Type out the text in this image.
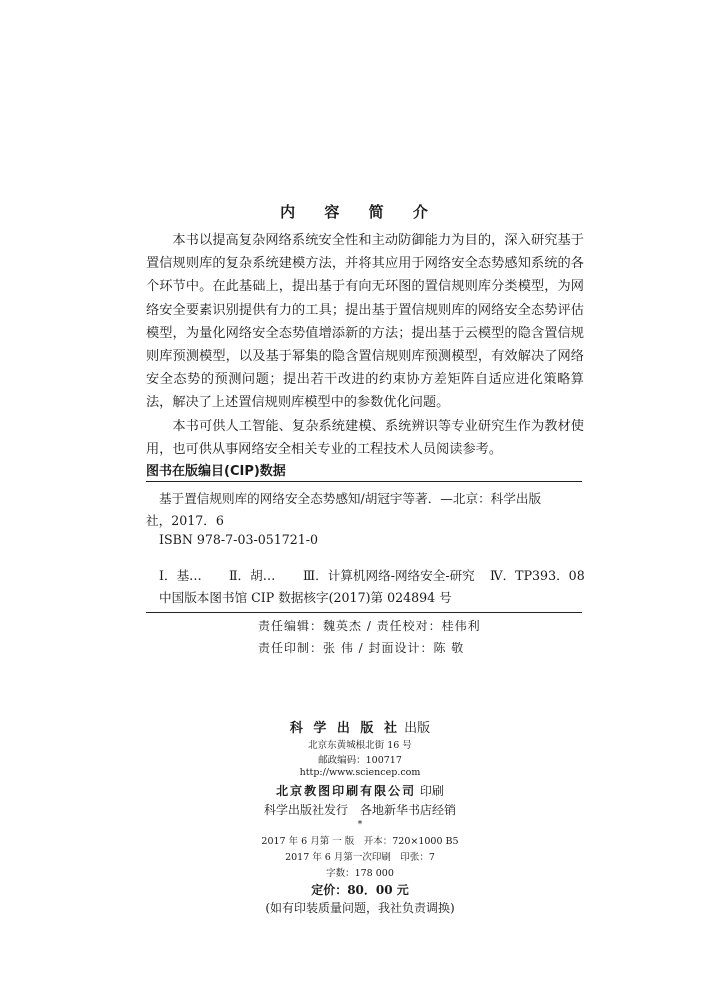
内 容 简 介

本书以提高复杂网络系统安全性和主动防御能力为目的，深入研究基于置信规则库的复杂系统建模方法，并将其应用于网络安全态势感知系统的各个环节中。在此基础上，提出基于有向无环图的置信规则库分类模型，为网络安全要素识别提供有力的工具；提出基于置信规则库的网络安全态势评估模型，为量化网络安全态势值增添新的方法；提出基于云模型的隐含置信规则库预测模型，以及基于幂集的隐含置信规则库预测模型，有效解决了网络安全态势的预测问题；提出若干改进的约束协方差矩阵自适应进化策略算法，解决了上述置信规则库模型中的参数优化问题。

本书可供人工智能、复杂系统建模、系统辨识等专业研究生作为教材使用，也可供从事网络安全相关专业的工程技术人员阅读参考。

图书在版编目(CIP)数据
基于置信规则库的网络安全态势感知/胡冠宇等著．—北京：科学出版
社，2017．6
ISBN 978-7-03-051721-0
Ⅰ．基… Ⅱ．胡… Ⅲ．计算机网络-网络安全-研究 Ⅳ．TP393．08
中国版本图书馆 CIP 数据核字(2017)第 024894 号
责任编辑：魏英杰 / 责任校对：桂伟利
责任印制：张 伟 / 封面设计：陈 敬
科 学 出 版 社 出版
北京东黄城根北街 16 号
邮政编码：100717
http://www.sciencep.com
北京教图印刷有限公司 印刷
科学出版社发行　各地新华书店经销
*
2017 年 6 月第 一 版　开本：720×1000 B5
2017 年 6 月第一次印刷　印张：7
字数：178 000
定价：80．00 元
(如有印装质量问题，我社负责调换)
